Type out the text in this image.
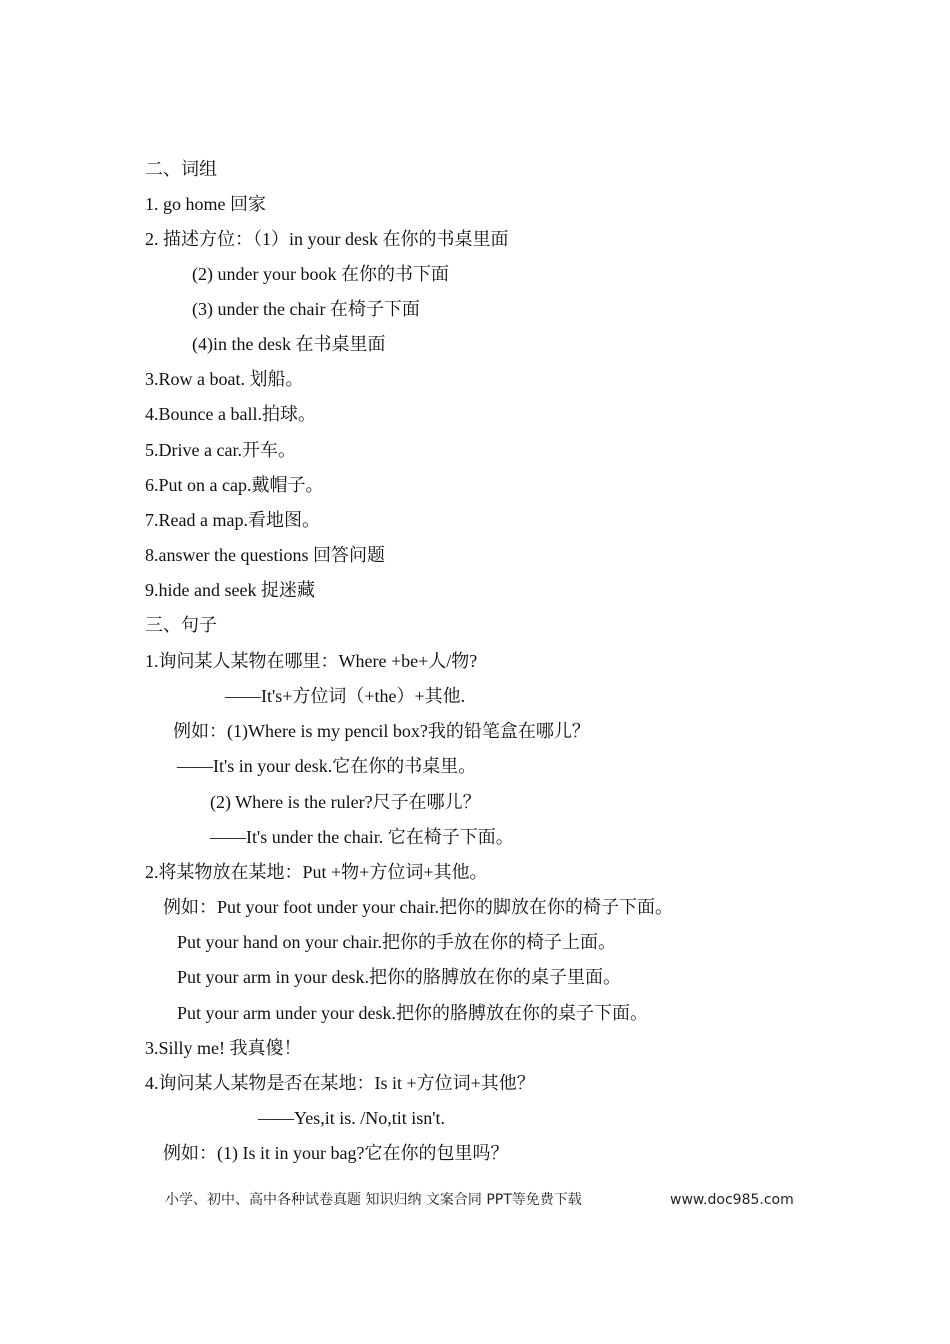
二、词组
1. go home 回家
2. 描述方位：（1）in your desk 在你的书桌里面
(2) under your book 在你的书下面
(3) under the chair 在椅子下面
(4)in the desk 在书桌里面
3.Row a boat. 划船。
4.Bounce a ball.拍球。
5.Drive a car.开车。
6.Put on a cap.戴帽子。
7.Read a map.看地图。
8.answer the questions 回答问题
9.hide and seek 捉迷藏
三、句子
1.询问某人某物在哪里：Where +be+人/物?
——It's+方位词（+the）+其他.
例如：(1)Where is my pencil box?我的铅笔盒在哪儿？
——It's in your desk.它在你的书桌里。
(2) Where is the ruler?尺子在哪儿？
——It's under the chair. 它在椅子下面。
2.将某物放在某地：Put +物+方位词+其他。
例如：Put your foot under your chair.把你的脚放在你的椅子下面。
Put your hand on your chair.把你的手放在你的椅子上面。
Put your arm in your desk.把你的胳膊放在你的桌子里面。
Put your arm under your desk.把你的胳膊放在你的桌子下面。
3.Silly me! 我真傻！
4.询问某人某物是否在某地：Is it +方位词+其他？
——Yes,it is. /No,tit isn't.
例如：(1) Is it in your bag?它在你的包里吗？
小学、初中、高中各种试卷真题 知识归纳 文案合同 PPT等免费下载	www.doc985.com
